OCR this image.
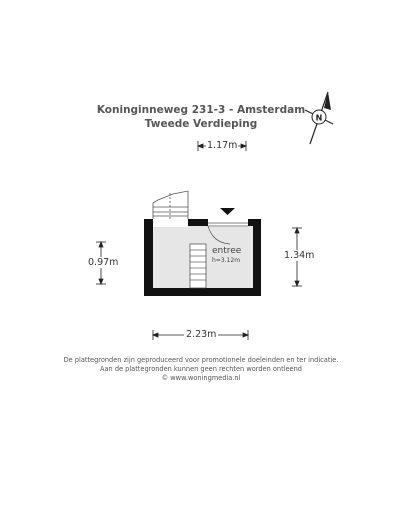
Koninginneweg 231-3 - Amsterdam
Tweede Verdieping	N
1.17m
0.97m
1.34m
2.23m
entree
h=3.12m
De plattegronden zijn geproduceerd voor promotionele doeleinden en ter indicatie.
Aan de plattegronden kunnen geen rechten worden ontleend
© www.woningmedia.nl
